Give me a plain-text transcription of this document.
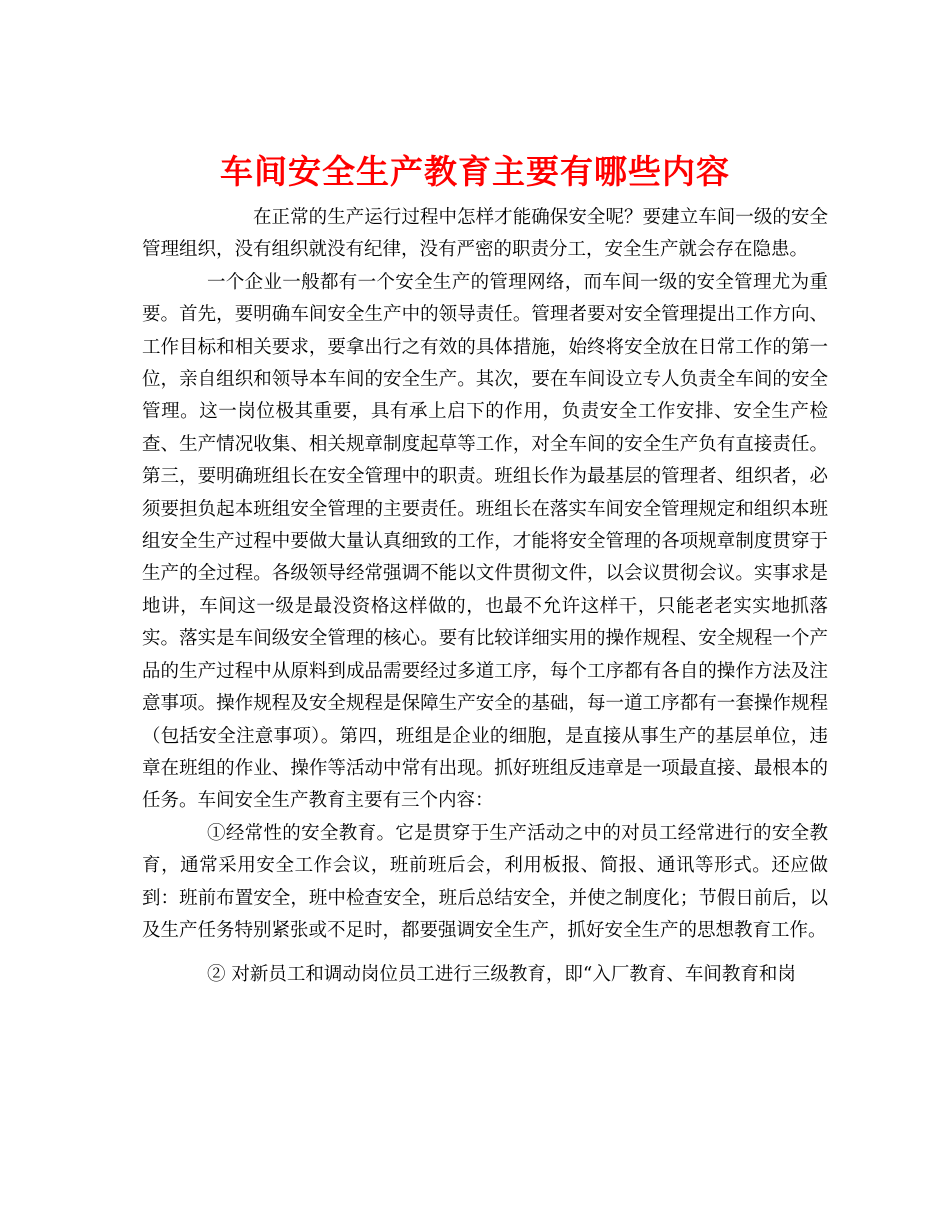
车间安全生产教育主要有哪些内容

在正常的生产运行过程中怎样才能确保安全呢？要建立车间一级的安全管理组织，没有组织就没有纪律，没有严密的职责分工，安全生产就会存在隐患。

一个企业一般都有一个安全生产的管理网络，而车间一级的安全管理尤为重要。首先，要明确车间安全生产中的领导责任。管理者要对安全管理提出工作方向、工作目标和相关要求，要拿出行之有效的具体措施，始终将安全放在日常工作的第一位，亲自组织和领导本车间的安全生产。其次，要在车间设立专人负责全车间的安全管理。这一岗位极其重要，具有承上启下的作用，负责安全工作安排、安全生产检查、生产情况收集、相关规章制度起草等工作，对全车间的安全生产负有直接责任。第三，要明确班组长在安全管理中的职责。班组长作为最基层的管理者、组织者，必须要担负起本班组安全管理的主要责任。班组长在落实车间安全管理规定和组织本班组安全生产过程中要做大量认真细致的工作，才能将安全管理的各项规章制度贯穿于生产的全过程。各级领导经常强调不能以文件贯彻文件，以会议贯彻会议。实事求是地讲，车间这一级是最没资格这样做的，也最不允许这样干，只能老老实实地抓落实。落实是车间级安全管理的核心。要有比较详细实用的操作规程、安全规程一个产品的生产过程中从原料到成品需要经过多道工序，每个工序都有各自的操作方法及注意事项。操作规程及安全规程是保障生产安全的基础，每一道工序都有一套操作规程（包括安全注意事项）。第四，班组是企业的细胞，是直接从事生产的基层单位，违章在班组的作业、操作等活动中常有出现。抓好班组反违章是一项最直接、最根本的任务。车间安全生产教育主要有三个内容：

①经常性的安全教育。它是贯穿于生产活动之中的对员工经常进行的安全教育，通常采用安全工作会议，班前班后会，利用板报、简报、通讯等形式。还应做到：班前布置安全，班中检查安全，班后总结安全，并使之制度化；节假日前后，以及生产任务特别紧张或不足时，都要强调安全生产，抓好安全生产的思想教育工作。

② 对新员工和调动岗位员工进行三级教育，即“入厂教育、车间教育和岗
